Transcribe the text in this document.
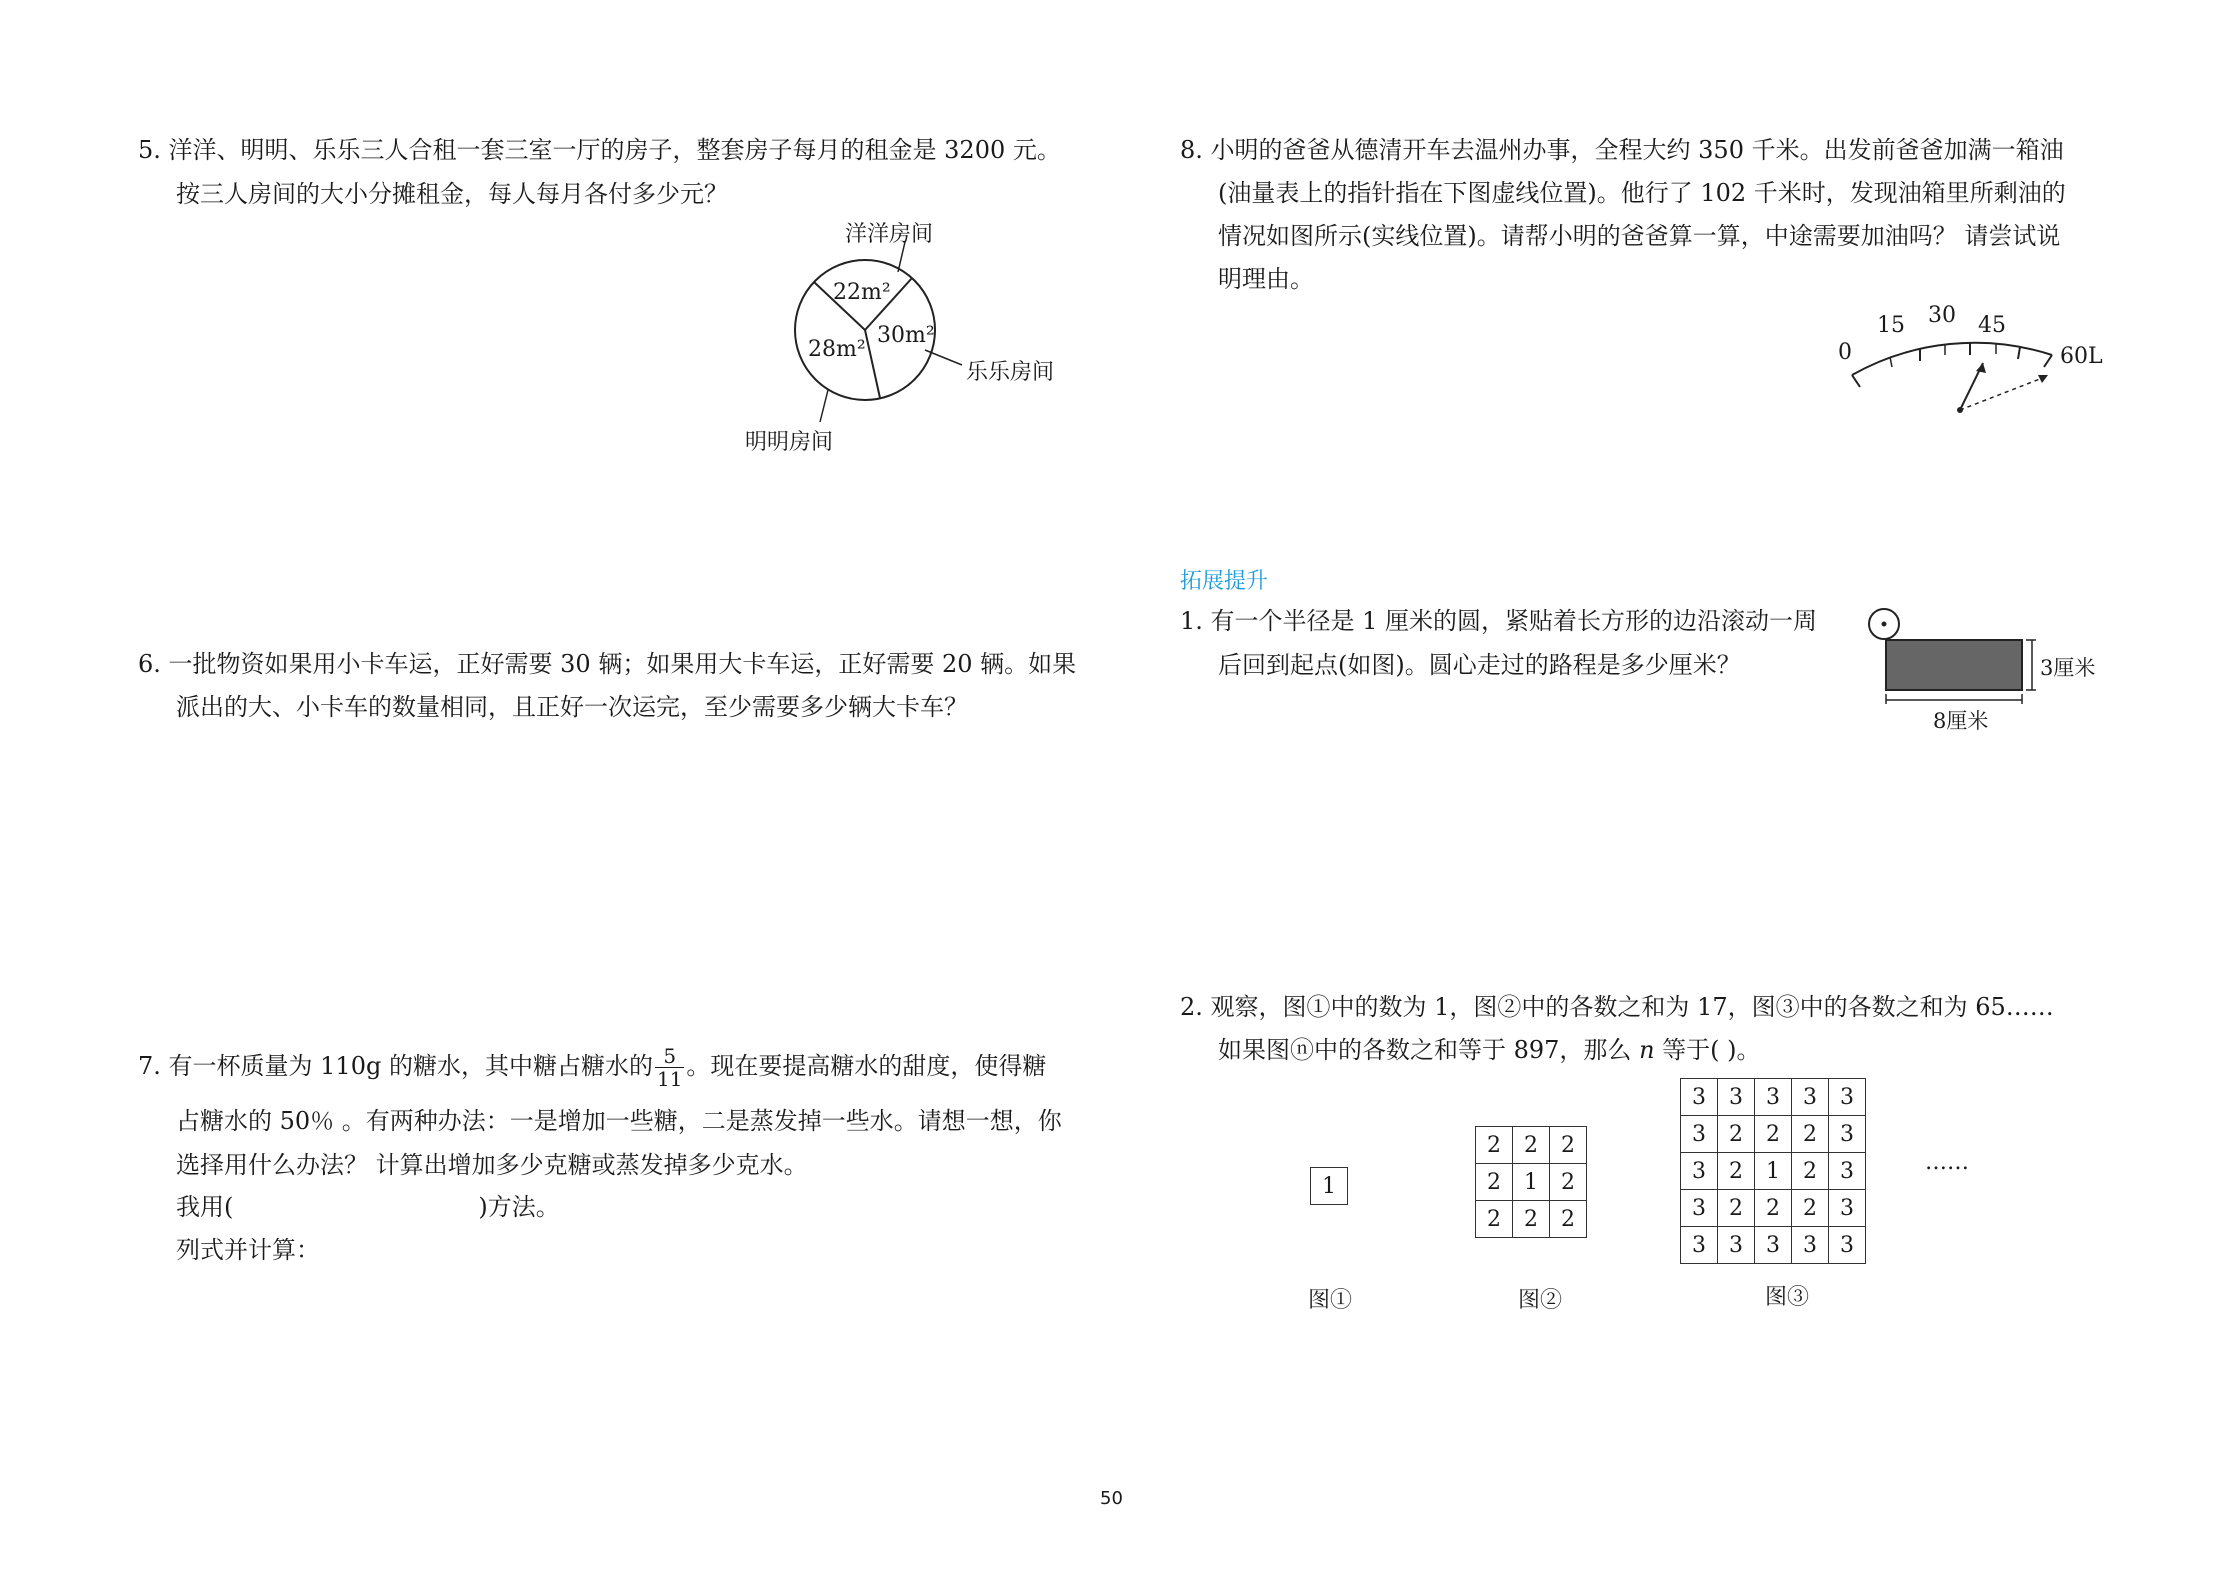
5. 洋洋、明明、乐乐三人合租一套三室一厅的房子，整套房子每月的租金是 3200 元。
按三人房间的大小分摊租金，每人每月各付多少元？
洋洋房间
22m²
30m²
28m²
乐乐房间
明明房间
6. 一批物资如果用小卡车运，正好需要 30 辆；如果用大卡车运，正好需要 20 辆。如果
派出的大、小卡车的数量相同，且正好一次运完，至少需要多少辆大卡车？
7. 有一杯质量为 110g 的糖水，其中糖占糖水的 $\frac{5}{11}$ 。现在要提高糖水的甜度，使得糖
占糖水的 50％ 。有两种办法：一是增加一些糖，二是蒸发掉一些水。请想一想，你
选择用什么办法？ 计算出增加多少克糖或蒸发掉多少克水。
我用(	)方法。
列式并计算：
8. 小明的爸爸从德清开车去温州办事，全程大约 350 千米。出发前爸爸加满一箱油
(油量表上的指针指在下图虚线位置)。他行了 102 千米时，发现油箱里所剩油的
情况如图所示(实线位置)。请帮小明的爸爸算一算，中途需要加油吗？ 请尝试说
明理由。
0
15 30 45
60L
拓展提升
1. 有一个半径是 1 厘米的圆，紧贴着长方形的边沿滚动一周
后回到起点(如图)。圆心走过的路程是多少厘米？	3厘米
8厘米
2. 观察，图①中的数为 1，图②中的各数之和为 17，图③中的各数之和为 65……
如果图ⓝ中的各数之和等于 897，那么 n 等于( )。
1
2	2	2
2	1	2
2	2	2
3	3	3	3	3
3	2	2	2	3
3	2	1	2	3
3	2	2	2	3
3	3	3	3	3
……
图①	图②	图③
50
